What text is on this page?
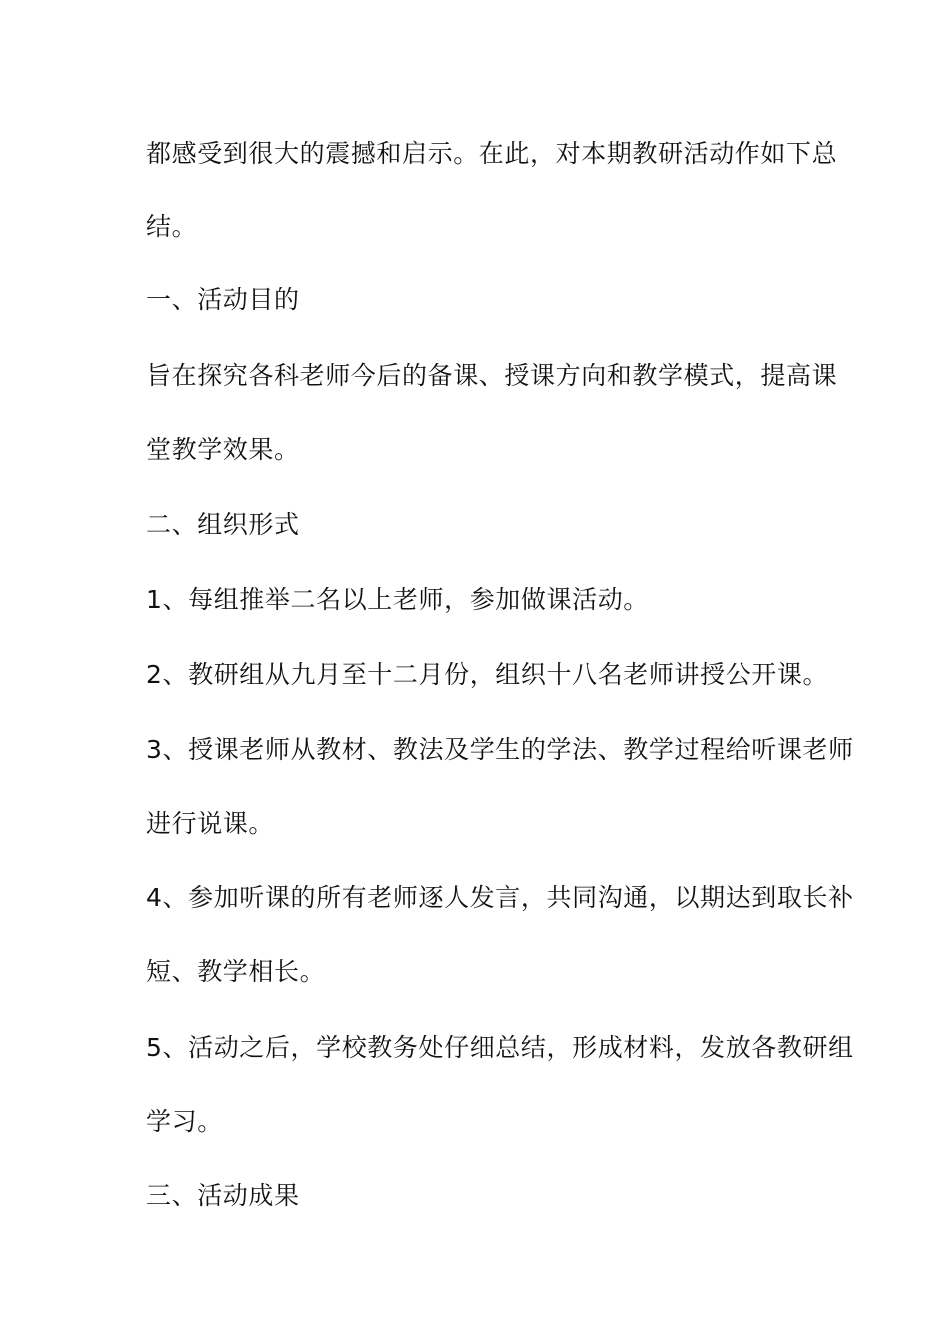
都感受到很大的震撼和启示。在此，对本期教研活动作如下总
结。
一、活动目的
旨在探究各科老师今后的备课、授课方向和教学模式，提高课
堂教学效果。
二、组织形式
1、每组推举二名以上老师，参加做课活动。
2、教研组从九月至十二月份，组织十八名老师讲授公开课。
3、授课老师从教材、教法及学生的学法、教学过程给听课老师
进行说课。
4、参加听课的所有老师逐人发言，共同沟通，以期达到取长补
短、教学相长。
5、活动之后，学校教务处仔细总结，形成材料，发放各教研组
学习。
三、活动成果
